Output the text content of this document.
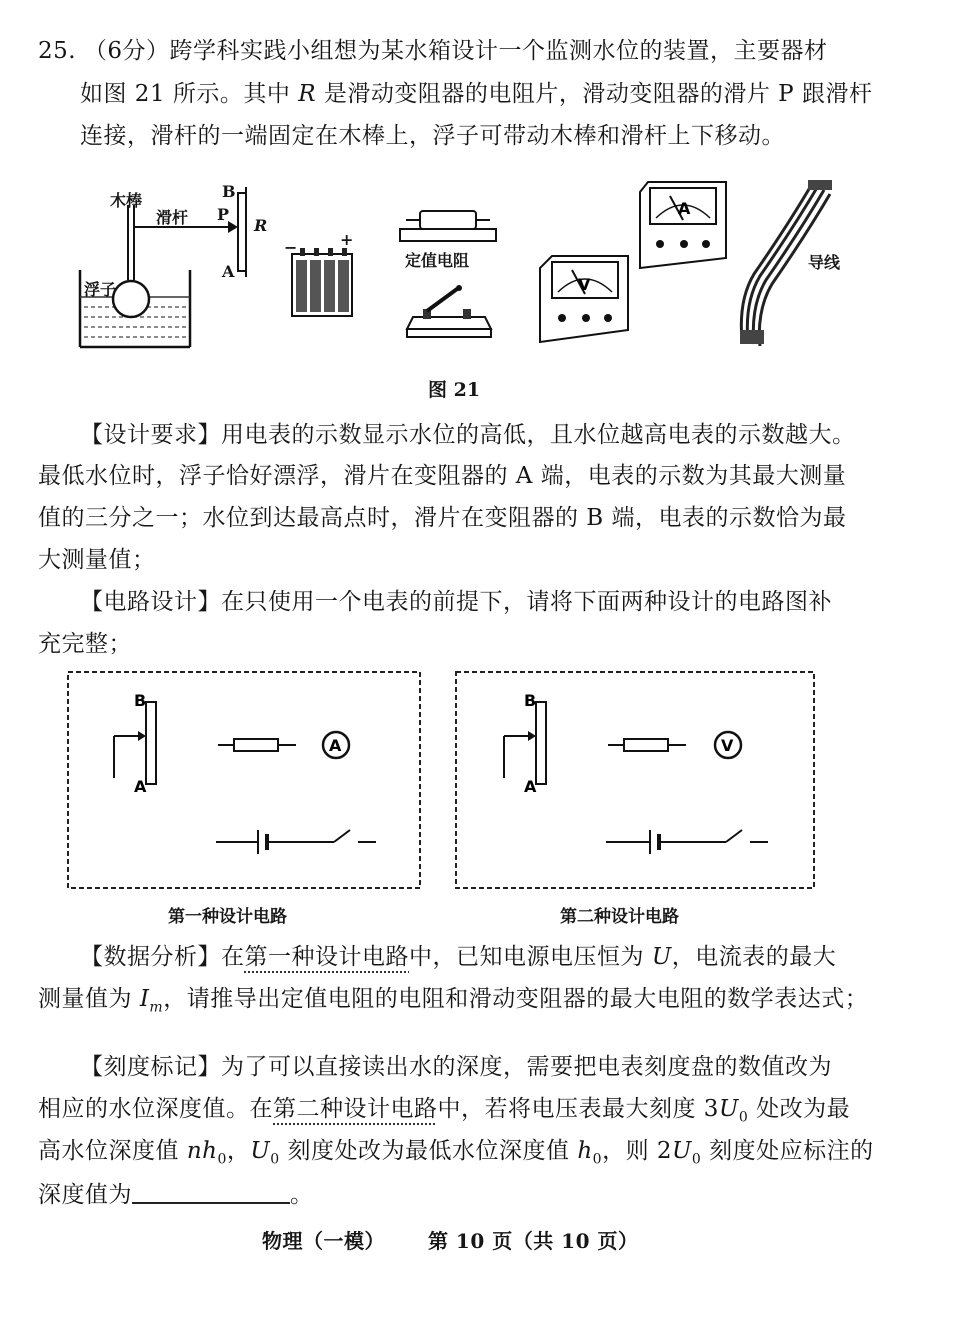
25. （6分）跨学科实践小组想为某水箱设计一个监测水位的装置，主要器材
如图 21 所示。其中 R 是滑动变阻器的电阻片，滑动变阻器的滑片 P 跟滑杆
连接，滑杆的一端固定在木棒上，浮子可带动木棒和滑杆上下移动。
木棒
滑杆
浮子
B
P
R
A
−	+
定值电阻
V
A
导线
图 21
【设计要求】用电表的示数显示水位的高低，且水位越高电表的示数越大。
最低水位时，浮子恰好漂浮，滑片在变阻器的 A 端，电表的示数为其最大测量
值的三分之一；水位到达最高点时，滑片在变阻器的 B 端，电表的示数恰为最
大测量值；
【电路设计】在只使用一个电表的前提下，请将下面两种设计的电路图补
充完整；
A
B
A
第一种设计电路
V
B
A
第二种设计电路
【数据分析】在第一种设计电路中，已知电源电压恒为 U，电流表的最大
测量值为 $I_m$，请推导出定值电阻的电阻和滑动变阻器的最大电阻的数学表达式；
【刻度标记】为了可以直接读出水的深度，需要把电表刻度盘的数值改为
相应的水位深度值。在第二种设计电路中，若将电压表最大刻度 $3U_0$ 处改为最
高水位深度值 $nh_0$，$U_0$ 刻度处改为最低水位深度值 $h_0$，则 $2U_0$ 刻度处应标注的
深度值为	。
物理（一模） 第 10 页（共 10 页）
